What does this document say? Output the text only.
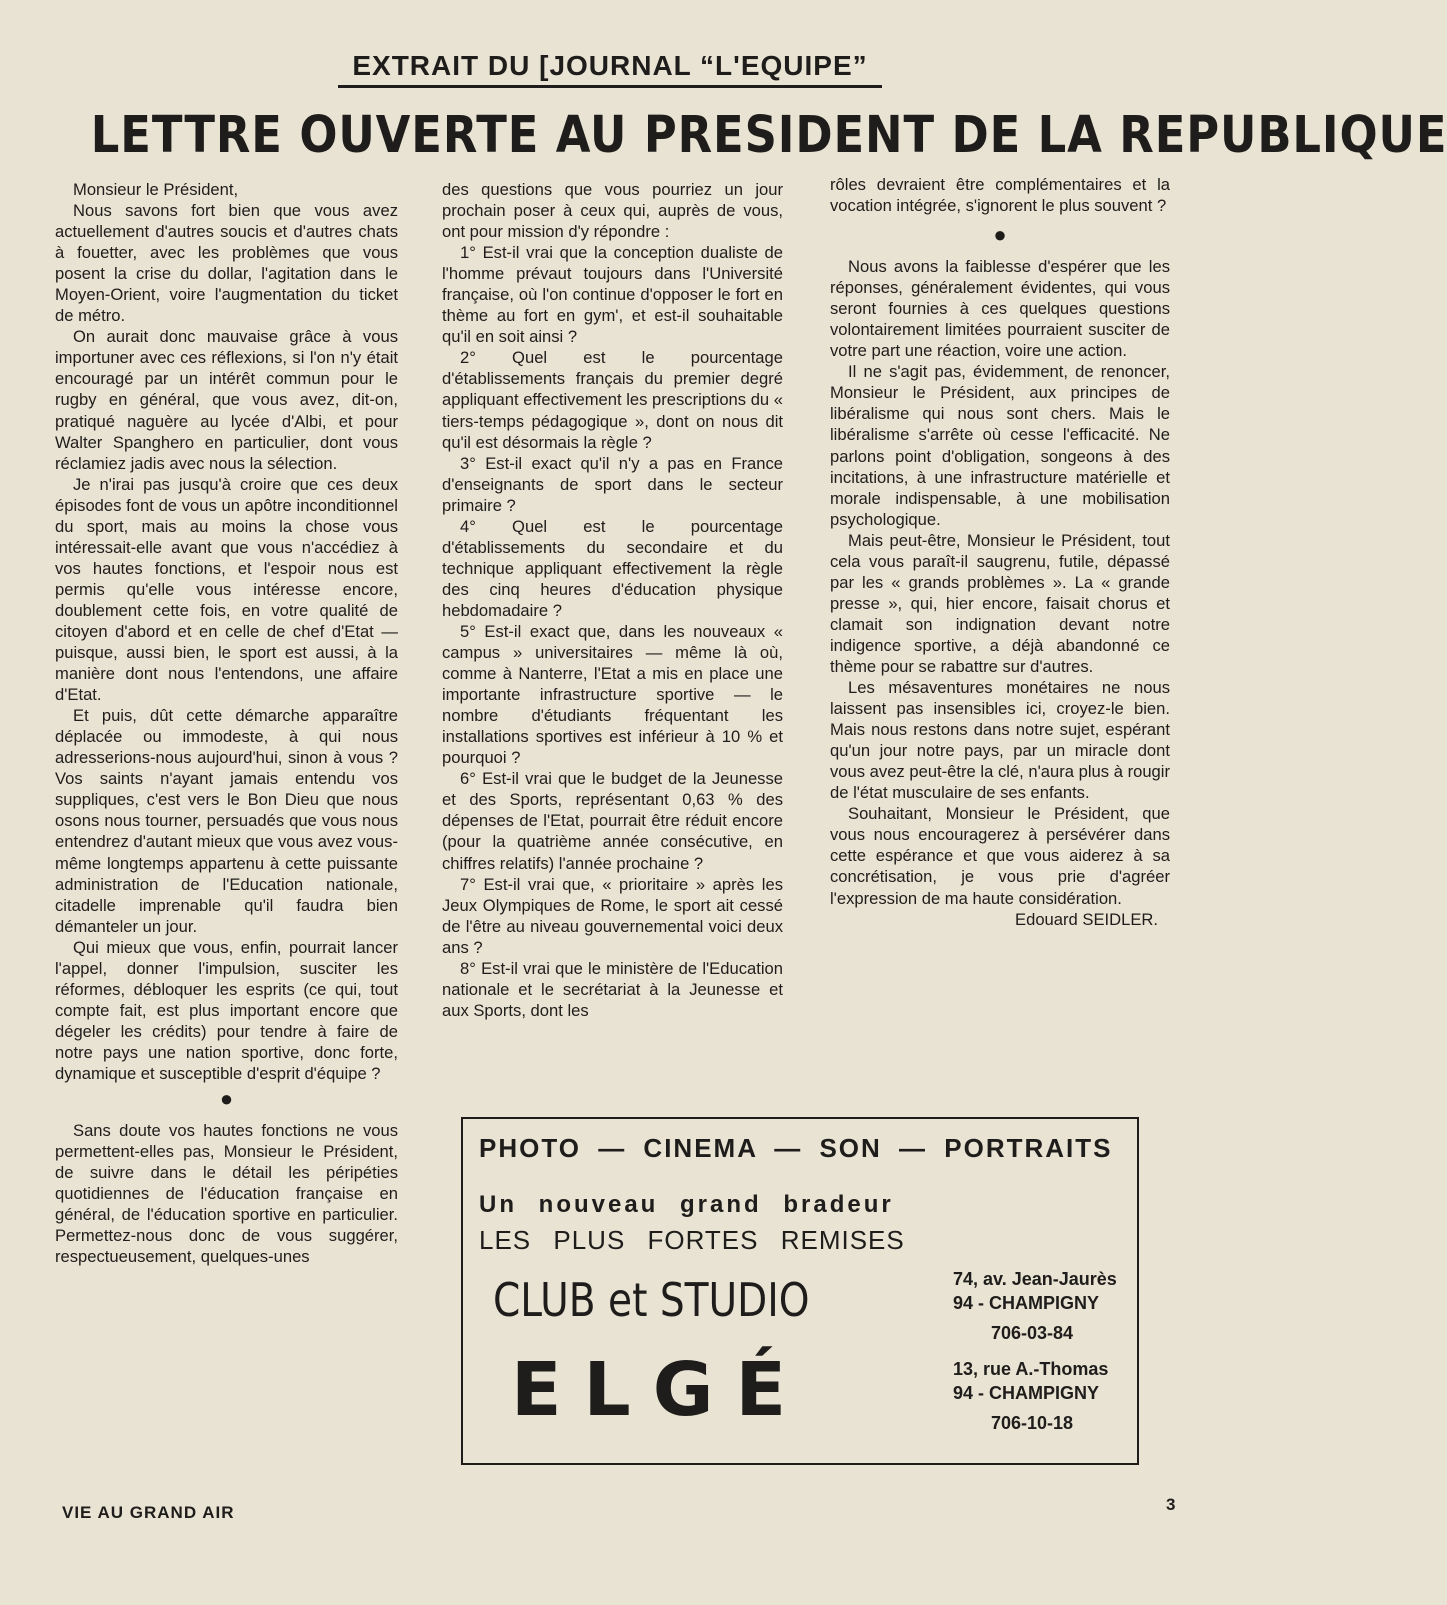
EXTRAIT DU [JOURNAL “L'EQUIPE”
LETTRE OUVERTE AU PRESIDENT DE LA REPUBLIQUE

Monsieur le Président,

Nous savons fort bien que vous avez actuellement d'autres soucis et d'autres chats à fouetter, avec les problèmes que vous posent la crise du dollar, l'agitation dans le Moyen-Orient, voire l'augmentation du ticket de métro.

On aurait donc mauvaise grâce à vous importuner avec ces réflexions, si l'on n'y était encouragé par un intérêt commun pour le rugby en général, que vous avez, dit-on, pratiqué naguère au lycée d'Albi, et pour Walter Spanghero en particulier, dont vous réclamiez jadis avec nous la sélection.

Je n'irai pas jusqu'à croire que ces deux épisodes font de vous un apôtre inconditionnel du sport, mais au moins la chose vous intéressait-elle avant que vous n'accédiez à vos hautes fonctions, et l'espoir nous est permis qu'elle vous intéresse encore, doublement cette fois, en votre qualité de citoyen d'abord et en celle de chef d'Etat — puisque, aussi bien, le sport est aussi, à la manière dont nous l'entendons, une affaire d'Etat.

Et puis, dût cette démarche apparaître déplacée ou immodeste, à qui nous adresserions-nous aujourd'hui, sinon à vous ? Vos saints n'ayant jamais entendu vos suppliques, c'est vers le Bon Dieu que nous osons nous tourner, persuadés que vous nous entendrez d'autant mieux que vous avez vous-même longtemps appartenu à cette puissante administration de l'Education nationale, citadelle imprenable qu'il faudra bien démanteler un jour.

Qui mieux que vous, enfin, pourrait lancer l'appel, donner l'impulsion, susciter les réformes, débloquer les esprits (ce qui, tout compte fait, est plus important encore que dégeler les crédits) pour tendre à faire de notre pays une nation sportive, donc forte, dynamique et susceptible d'esprit d'équipe ?

●

Sans doute vos hautes fonctions ne vous permettent-elles pas, Monsieur le Président, de suivre dans le détail les péripéties quotidiennes de l'éducation française en général, de l'éducation sportive en particulier. Permettez-nous donc de vous suggérer, respectueusement, quelques-unes

des questions que vous pourriez un jour prochain poser à ceux qui, auprès de vous, ont pour mission d'y répondre :

1° Est-il vrai que la conception dualiste de l'homme prévaut toujours dans l'Université française, où l'on continue d'opposer le fort en thème au fort en gym', et est-il souhaitable qu'il en soit ainsi ?

2° Quel est le pourcentage d'établissements français du premier degré appliquant effectivement les prescriptions du « tiers-temps pédagogique », dont on nous dit qu'il est désormais la règle ?

3° Est-il exact qu'il n'y a pas en France d'enseignants de sport dans le secteur primaire ?

4° Quel est le pourcentage d'établissements du secondaire et du technique appliquant effectivement la règle des cinq heures d'éducation physique hebdomadaire ?

5° Est-il exact que, dans les nouveaux « campus » universitaires — même là où, comme à Nanterre, l'Etat a mis en place une importante infrastructure sportive — le nombre d'étudiants fréquentant les installations sportives est inférieur à 10 % et pourquoi ?

6° Est-il vrai que le budget de la Jeunesse et des Sports, représentant 0,63 % des dépenses de l'Etat, pourrait être réduit encore (pour la quatrième année consécutive, en chiffres relatifs) l'année prochaine ?

7° Est-il vrai que, « prioritaire » après les Jeux Olympiques de Rome, le sport ait cessé de l'être au niveau gouvernemental voici deux ans ?

8° Est-il vrai que le ministère de l'Education nationale et le secrétariat à la Jeunesse et aux Sports, dont les

rôles devraient être complémentaires et la vocation intégrée, s'ignorent le plus souvent ?

●

Nous avons la faiblesse d'espérer que les réponses, généralement évidentes, qui vous seront fournies à ces quelques questions volontairement limitées pourraient susciter de votre part une réaction, voire une action.

Il ne s'agit pas, évidemment, de renoncer, Monsieur le Président, aux principes de libéralisme qui nous sont chers. Mais le libéralisme s'arrête où cesse l'efficacité. Ne parlons point d'obligation, songeons à des incitations, à une infrastructure matérielle et morale indispensable, à une mobilisation psychologique.

Mais peut-être, Monsieur le Président, tout cela vous paraît-il saugrenu, futile, dépassé par les « grands problèmes ». La « grande presse », qui, hier encore, faisait chorus et clamait son indignation devant notre indigence sportive, a déjà abandonné ce thème pour se rabattre sur d'autres.

Les mésaventures monétaires ne nous laissent pas insensibles ici, croyez-le bien. Mais nous restons dans notre sujet, espérant qu'un jour notre pays, par un miracle dont vous avez peut-être la clé, n'aura plus à rougir de l'état musculaire de ses enfants.

Souhaitant, Monsieur le Président, que vous nous encouragerez à persévérer dans cette espérance et que vous aiderez à sa concrétisation, je vous prie d'agréer l'expression de ma haute considération.

Edouard SEIDLER.

PHOTO — CINEMA — SON — PORTRAITS
Un nouveau grand bradeur
LES PLUS FORTES REMISES
CLUB et STUDIO
ELGÉ
74, av. Jean-Jaurès
94 - CHAMPIGNY
706-03-84
13, rue A.-Thomas
94 - CHAMPIGNY
706-10-18
VIE AU GRAND AIR	3
